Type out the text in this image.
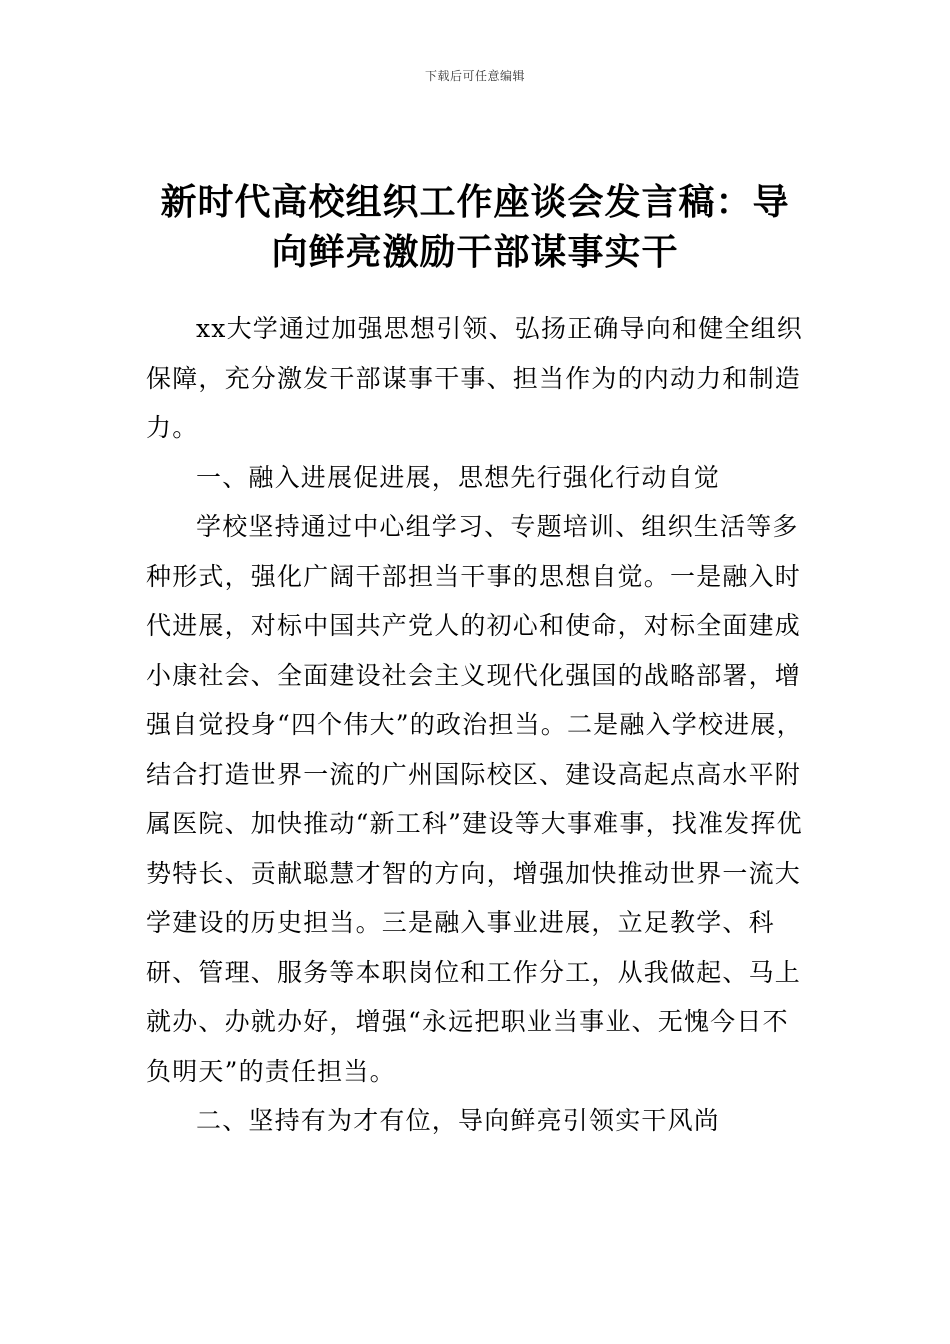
下载后可任意编辑
新时代高校组织工作座谈会发言稿：导向鲜亮激励干部谋事实干

xx大学通过加强思想引领、弘扬正确导向和健全组织保障，充分激发干部谋事干事、担当作为的内动力和制造力。

一、融入进展促进展，思想先行强化行动自觉

学校坚持通过中心组学习、专题培训、组织生活等多种形式，强化广阔干部担当干事的思想自觉。一是融入时代进展，对标中国共产党人的初心和使命，对标全面建成小康社会、全面建设社会主义现代化强国的战略部署，增强自觉投身“四个伟大”的政治担当。二是融入学校进展，结合打造世界一流的广州国际校区、建设高起点高水平附属医院、加快推动“新工科”建设等大事难事，找准发挥优势特长、贡献聪慧才智的方向，增强加快推动世界一流大学建设的历史担当。三是融入事业进展，立足教学、科研、管理、服务等本职岗位和工作分工，从我做起、马上就办、办就办好，增强“永远把职业当事业、无愧今日不负明天”的责任担当。

二、坚持有为才有位，导向鲜亮引领实干风尚
